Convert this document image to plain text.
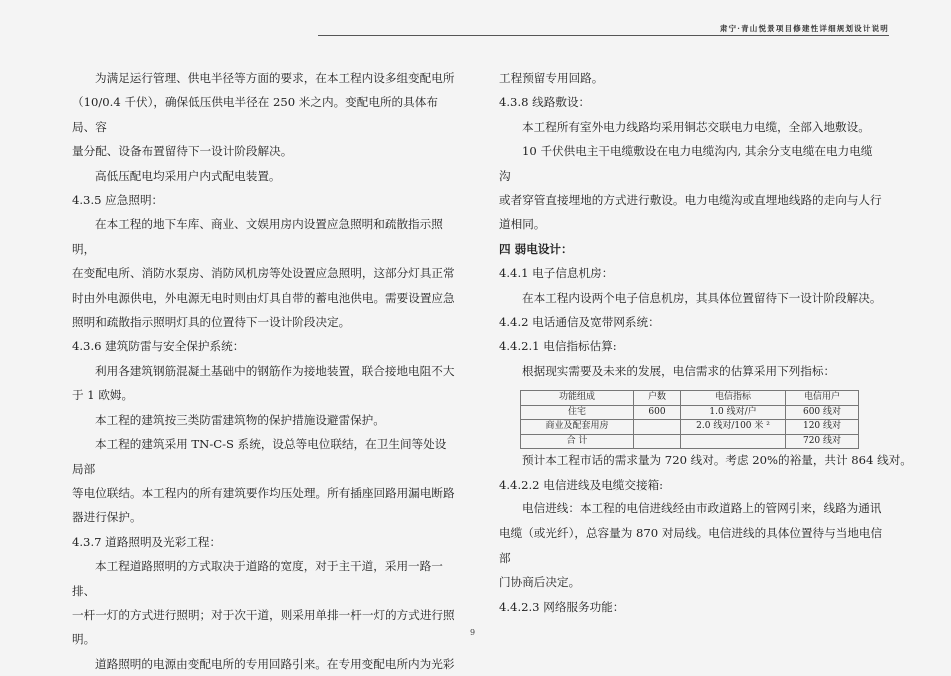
肃宁·青山悦景项目修建性详细规划设计说明

为满足运行管理、供电半径等方面的要求，在本工程内设多组变配电所

（10/0.4 千伏），确保低压供电半径在 250 米之内。变配电所的具体布局、容

量分配、设备布置留待下一设计阶段解决。

高低压配电均采用户内式配电装置。

4.3.5 应急照明：

在本工程的地下车库、商业、文娱用房内设置应急照明和疏散指示照明，

在变配电所、消防水泵房、消防风机房等处设置应急照明，这部分灯具正常

时由外电源供电，外电源无电时则由灯具自带的蓄电池供电。需要设置应急

照明和疏散指示照明灯具的位置待下一设计阶段决定。

4.3.6 建筑防雷与安全保护系统：

利用各建筑钢筋混凝土基础中的钢筋作为接地装置，联合接地电阻不大

于 1 欧姆。

本工程的建筑按三类防雷建筑物的保护措施设避雷保护。

本工程的建筑采用 TN-C-S 系统，设总等电位联结，在卫生间等处设局部

等电位联结。本工程内的所有建筑要作均压处理。所有插座回路用漏电断路

器进行保护。

4.3.7 道路照明及光彩工程：

本工程道路照明的方式取决于道路的宽度，对于主干道，采用一路一排、

一杆一灯的方式进行照明；对于次干道，则采用单排一杆一灯的方式进行照

明。

道路照明的电源由变配电所的专用回路引来。在专用变配电所内为光彩

工程预留专用回路。

4.3.8 线路敷设：

本工程所有室外电力线路均采用铜芯交联电力电缆，全部入地敷设。

10 千伏供电主干电缆敷设在电力电缆沟内, 其余分支电缆在电力电缆沟

或者穿管直接埋地的方式进行敷设。电力电缆沟或直埋地线路的走向与人行

道相同。

四 弱电设计：

4.4.1 电子信息机房：

在本工程内设两个电子信息机房，其具体位置留待下一设计阶段解决。

4.4.2 电话通信及宽带网系统：

4.4.2.1 电信指标估算:

根据现实需要及未来的发展，电信需求的估算采用下列指标：

功能组成	户数	电信指标	电信用户
住宅	600	1.0 线对/户	600 线对
商业及配套用房		2.0 线对/100 米 ²	120 线对
合 计			720 线对

预计本工程市话的需求量为 720 线对。考虑 20%的裕量，共计 864 线对。

4.4.2.2 电信进线及电缆交接箱:

电信进线：本工程的电信进线经由市政道路上的管网引来，线路为通讯

电缆（或光纤），总容量为 870 对局线。电信进线的具体位置待与当地电信部

门协商后决定。

4.4.2.3 网络服务功能：

9
